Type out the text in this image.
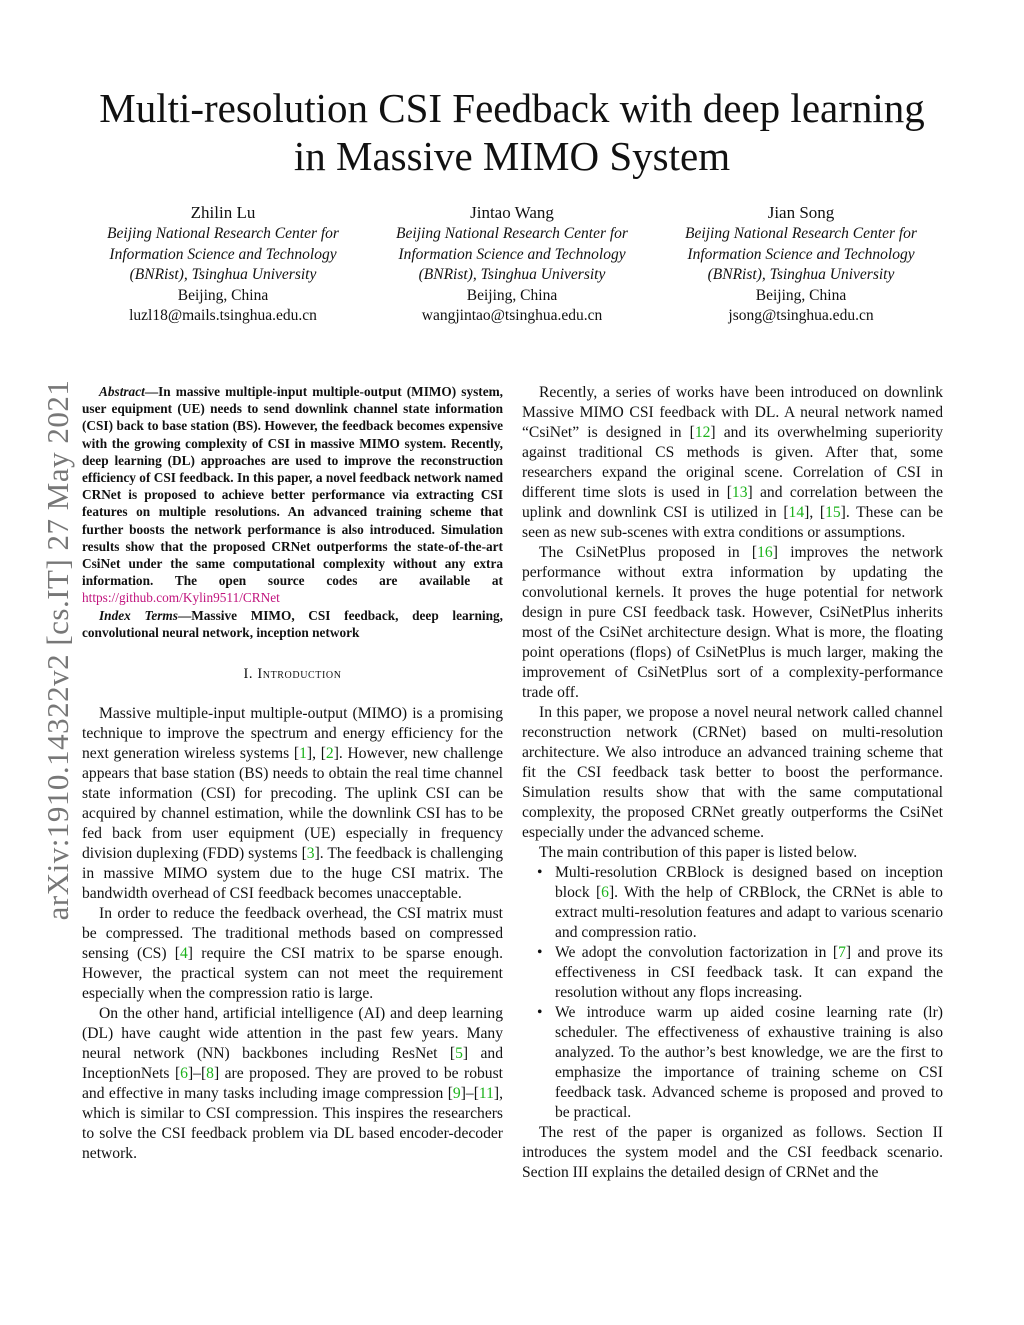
arXiv:1910.14322v2 [cs.IT] 27 May 2021
Multi-resolution CSI Feedback with deep learning
in Massive MIMO System
Zhilin Lu
Beijing National Research Center for
Information Science and Technology
(BNRist), Tsinghua University
Beijing, China
luzl18@mails.tsinghua.edu.cn
Jintao Wang
Beijing National Research Center for
Information Science and Technology
(BNRist), Tsinghua University
Beijing, China
wangjintao@tsinghua.edu.cn
Jian Song
Beijing National Research Center for
Information Science and Technology
(BNRist), Tsinghua University
Beijing, China
jsong@tsinghua.edu.cn

Abstract—In massive multiple-input multiple-output (MIMO) system, user equipment (UE) needs to send downlink channel state information (CSI) back to base station (BS). However, the feedback becomes expensive with the growing complexity of CSI in massive MIMO system. Recently, deep learning (DL) approaches are used to improve the reconstruction efficiency of CSI feedback. In this paper, a novel feedback network named CRNet is proposed to achieve better performance via extracting CSI features on multiple resolutions. An advanced training scheme that further boosts the network performance is also introduced. Simulation results show that the proposed CRNet outperforms the state-of-the-art CsiNet under the same computational complexity without any extra information. The open source codes are available at https://github.com/Kylin9511/CRNet

Index Terms—Massive MIMO, CSI feedback, deep learning, convolutional neural network, inception network

I. Introduction

Massive multiple-input multiple-output (MIMO) is a promising technique to improve the spectrum and energy efficiency for the next generation wireless systems [1], [2]. However, new challenge appears that base station (BS) needs to obtain the real time channel state information (CSI) for precoding. The uplink CSI can be acquired by channel estimation, while the downlink CSI has to be fed back from user equipment (UE) especially in frequency division duplexing (FDD) systems [3]. The feedback is challenging in massive MIMO system due to the huge CSI matrix. The bandwidth overhead of CSI feedback becomes unacceptable.

In order to reduce the feedback overhead, the CSI matrix must be compressed. The traditional methods based on compressed sensing (CS) [4] require the CSI matrix to be sparse enough. However, the practical system can not meet the requirement especially when the compression ratio is large.

On the other hand, artificial intelligence (AI) and deep learning (DL) have caught wide attention in the past few years. Many neural network (NN) backbones including ResNet [5] and InceptionNets [6]–[8] are proposed. They are proved to be robust and effective in many tasks including image compression [9]–[11], which is similar to CSI compression. This inspires the researchers to solve the CSI feedback problem via DL based encoder-decoder network.

Recently, a series of works have been introduced on downlink Massive MIMO CSI feedback with DL. A neural network named “CsiNet” is designed in [12] and its overwhelming superiority against traditional CS methods is given. After that, some researchers expand the original scene. Correlation of CSI in different time slots is used in [13] and correlation between the uplink and downlink CSI is utilized in [14], [15]. These can be seen as new sub-scenes with extra conditions or assumptions.

The CsiNetPlus proposed in [16] improves the network performance without extra information by updating the convolutional kernels. It proves the huge potential for network design in pure CSI feedback task. However, CsiNetPlus inherits most of the CsiNet architecture design. What is more, the floating point operations (flops) of CsiNetPlus is much larger, making the improvement of CsiNetPlus sort of a complexity-performance trade off.

In this paper, we propose a novel neural network called channel reconstruction network (CRNet) based on multi-resolution architecture. We also introduce an advanced training scheme that fit the CSI feedback task better to boost the performance. Simulation results show that with the same computational complexity, the proposed CRNet greatly outperforms the CsiNet especially under the advanced scheme.

The main contribution of this paper is listed below.

• Multi-resolution CRBlock is designed based on inception block [6]. With the help of CRBlock, the CRNet is able to extract multi-resolution features and adapt to various scenario and compression ratio.
• We adopt the convolution factorization in [7] and prove its effectiveness in CSI feedback task. It can expand the resolution without any flops increasing.
• We introduce warm up aided cosine learning rate (lr) scheduler. The effectiveness of exhaustive training is also analyzed. To the author’s best knowledge, we are the first to emphasize the importance of training scheme on CSI feedback task. Advanced scheme is proposed and proved to be practical.

The rest of the paper is organized as follows. Section II introduces the system model and the CSI feedback scenario. Section III explains the detailed design of CRNet and the
